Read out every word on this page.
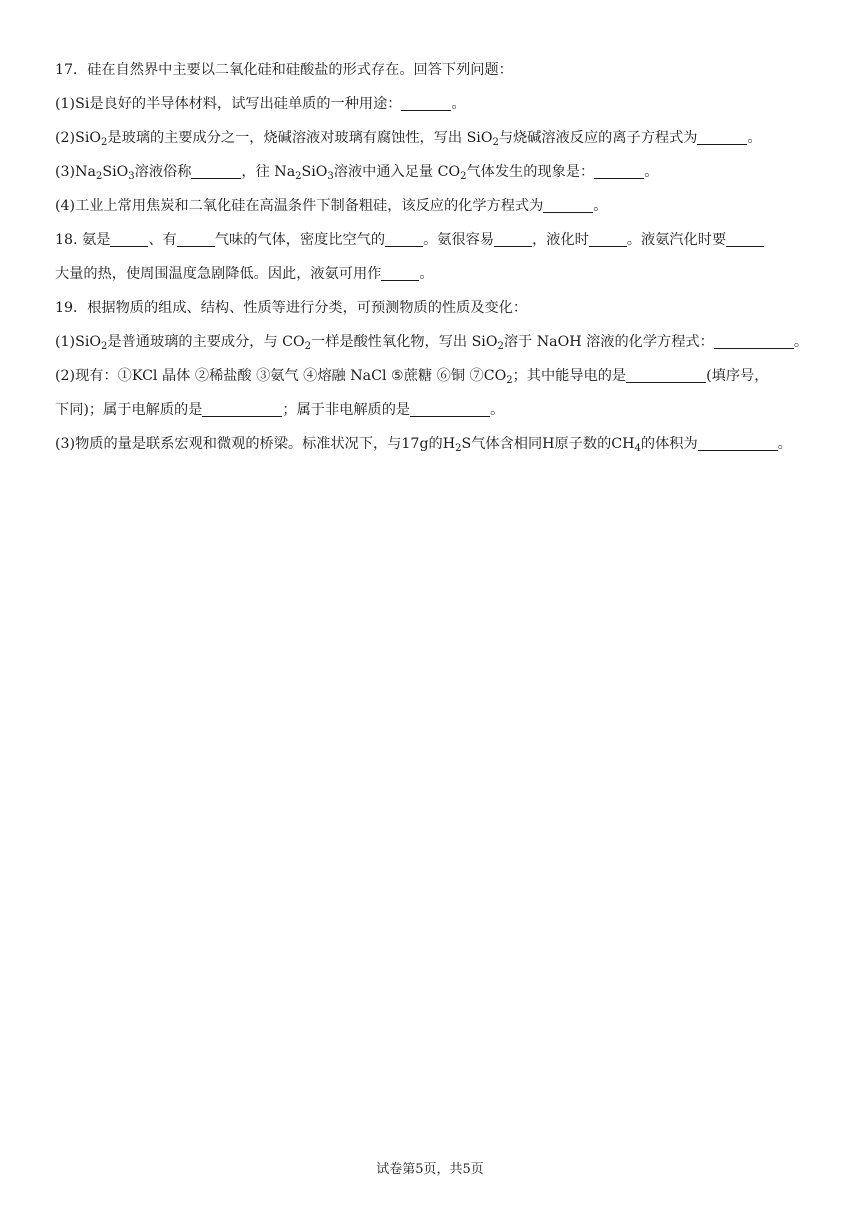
17．硅在自然界中主要以二氧化硅和硅酸盐的形式存在。回答下列问题：
(1)Si是良好的半导体材料，试写出硅单质的一种用途：	。
(2)SiO$_2$是玻璃的主要成分之一，烧碱溶液对玻璃有腐蚀性，写出 SiO$_2$与烧碱溶液反应的离子方程式为	。
$(3)Na_2SiO_3$溶液俗称	，往 $Na_2SiO_3$溶液中通入足量 $CO_2$气体发生的现象是：	。
(4)工业上常用焦炭和二氧化硅在高温条件下制备粗硅，该反应的化学方程式为	。
18. 氨是	、有	气味的气体，密度比空气的	。氨很容易	，液化时	。液氨汽化时要
大量的热，使周围温度急剧降低。因此，液氨可用作	。
19．根据物质的组成、结构、性质等进行分类，可预测物质的性质及变化：
(1)SiO$_2$是普通玻璃的主要成分，与 $CO_2$一样是酸性氧化物，写出 SiO$_2$溶于 NaOH 溶液的化学方程式：	。
(2)现有：①KCl 晶体 ②稀盐酸 ③氨气 ④熔融 NaCl ⑤蔗糖 ⑥铜 $⑦CO_2$；其中能导电的是	(填序号，
下同)；属于电解质的是	；属于非电解质的是	。
(3)物质的量是联系宏观和微观的桥梁。标准状况下，与17g的$H_2S$气体含相同H原子数的$CH_4$的体积为	。
试卷第5页，共5页
